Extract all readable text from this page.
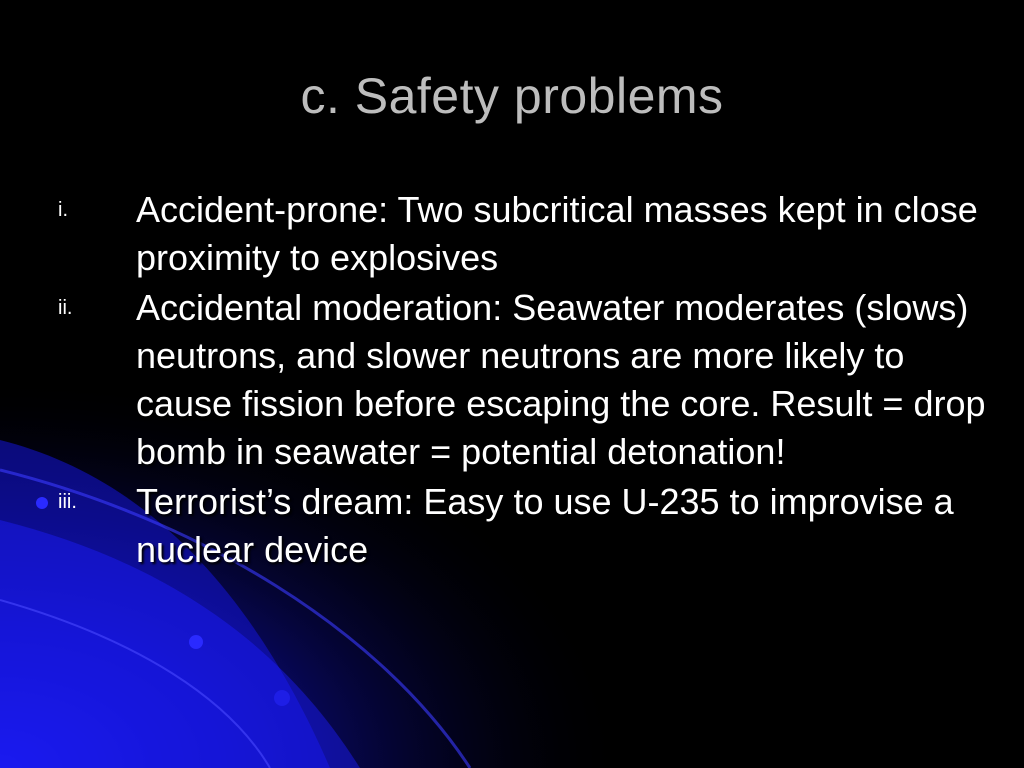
c. Safety problems
i.	Accident-prone: Two subcritical masses kept in close proximity to explosives
ii.	Accidental moderation: Seawater moderates (slows) neutrons, and slower neutrons are more likely to cause fission before escaping the core. Result = drop bomb in seawater = potential detonation!
iii.	Terrorist’s dream: Easy to use U-235 to improvise a nuclear device
